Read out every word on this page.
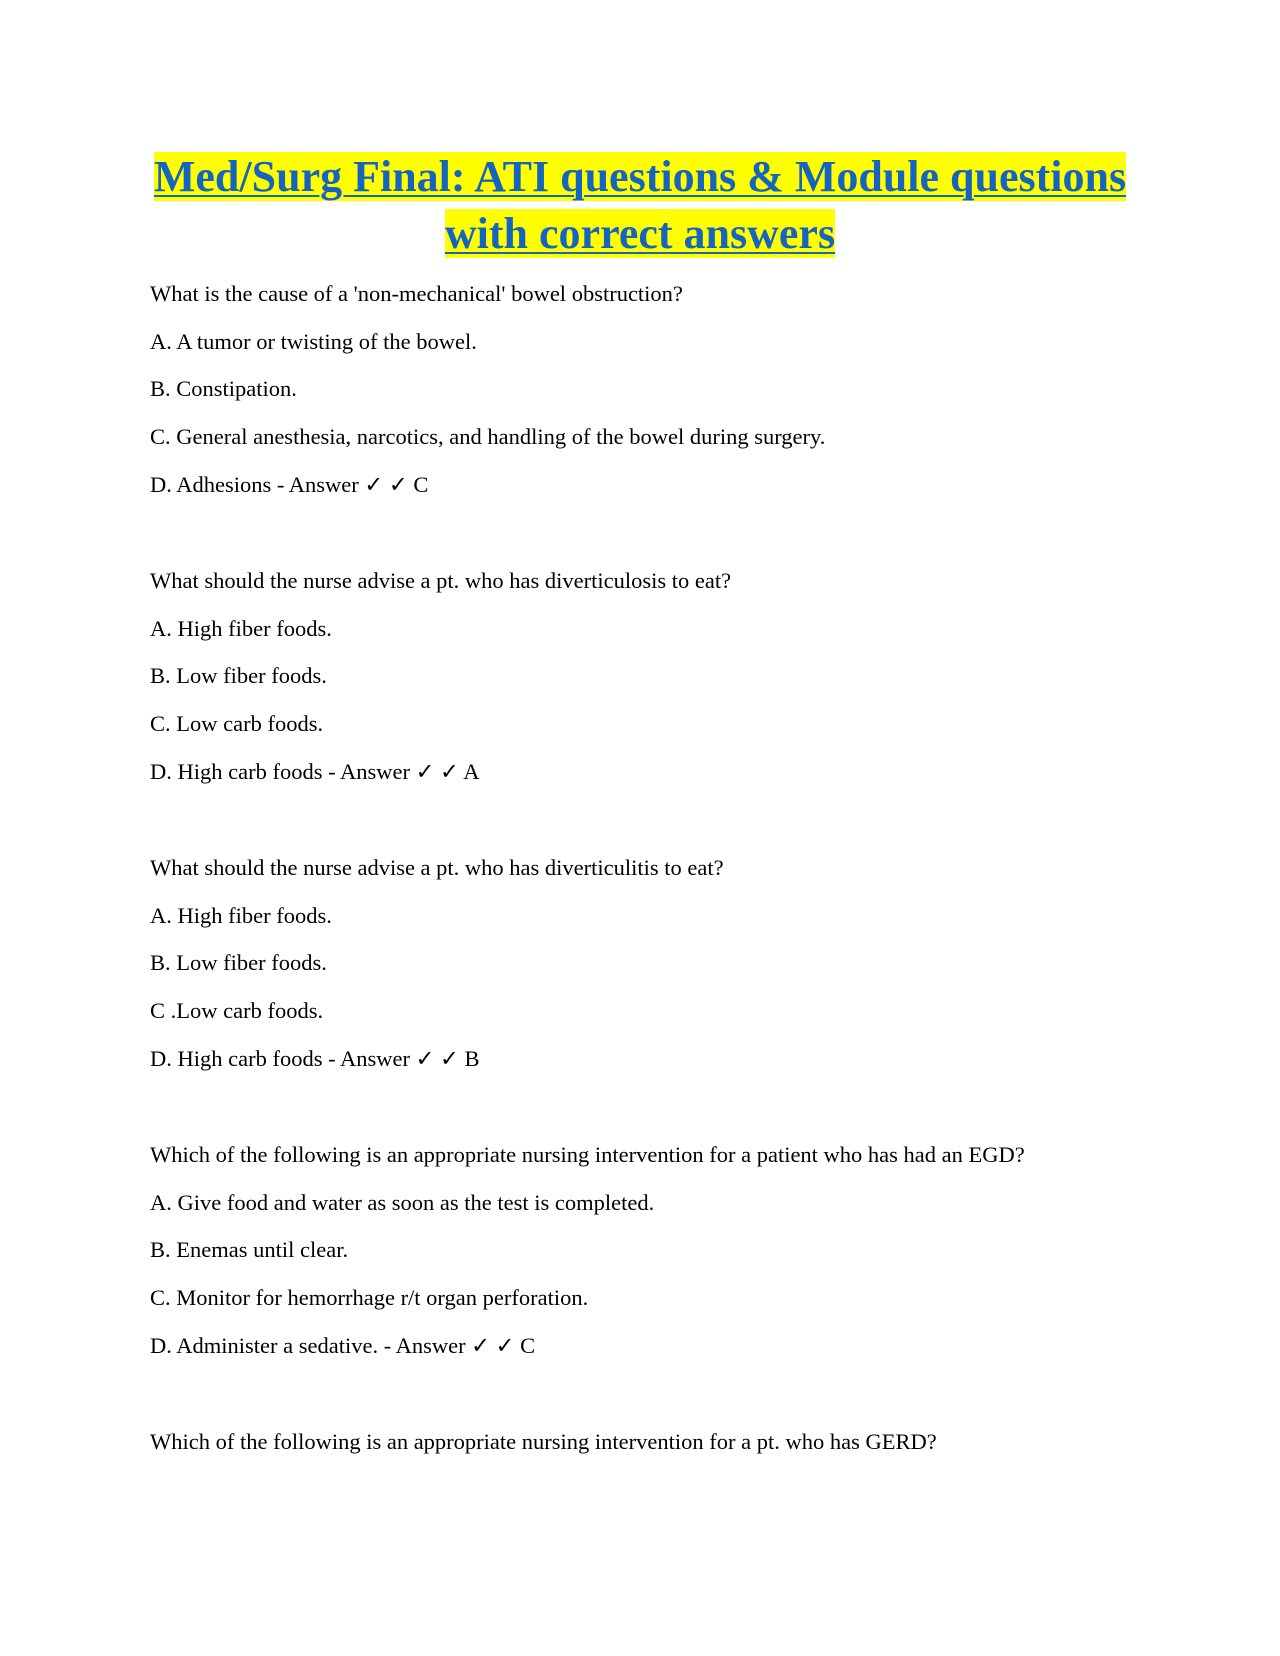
Med/Surg Final: ATI questions & Module questions with correct answers
What is the cause of a 'non-mechanical' bowel obstruction?
A. A tumor or twisting of the bowel.
B. Constipation.
C. General anesthesia, narcotics, and handling of the bowel during surgery.
D. Adhesions - Answer ✓ ✓ C
What should the nurse advise a pt. who has diverticulosis to eat?
A. High fiber foods.
B. Low fiber foods.
C. Low carb foods.
D. High carb foods - Answer ✓ ✓ A
What should the nurse advise a pt. who has diverticulitis to eat?
A. High fiber foods.
B. Low fiber foods.
C .Low carb foods.
D. High carb foods - Answer ✓ ✓ B
Which of the following is an appropriate nursing intervention for a patient who has had an EGD?
A. Give food and water as soon as the test is completed.
B. Enemas until clear.
C. Monitor for hemorrhage r/t organ perforation.
D. Administer a sedative. - Answer ✓ ✓ C
Which of the following is an appropriate nursing intervention for a pt. who has GERD?
